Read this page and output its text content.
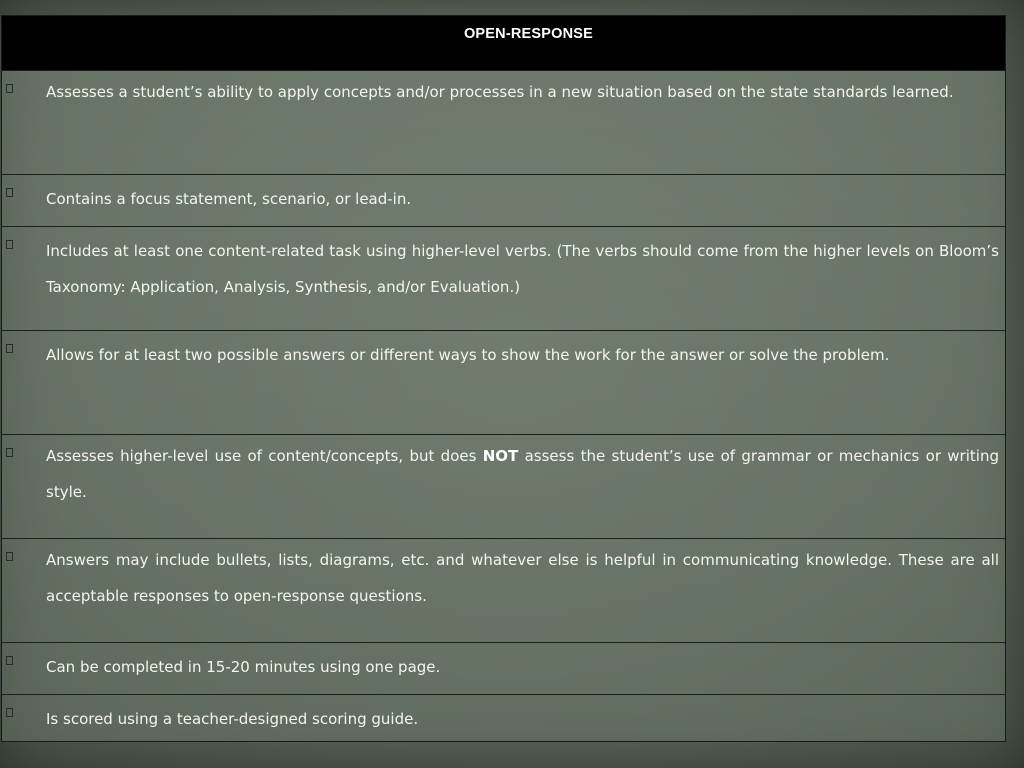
OPEN-RESPONSE
Assesses a student’s ability to apply concepts and/or processes in a new situation based on the state standards learned.
Contains a focus statement, scenario, or lead-in.
Includes at least one content-related task using higher-level verbs. (The verbs should come from the higher levels on Bloom’s Taxonomy: Application, Analysis, Synthesis, and/or Evaluation.)
Allows for at least two possible answers or different ways to show the work for the answer or solve the problem.
Assesses higher-level use of content/concepts, but does NOT assess the student’s use of grammar or mechanics or writing style.
Answers may include bullets, lists, diagrams, etc. and whatever else is helpful in communicating knowledge. These are all acceptable responses to open-response questions.
Can be completed in 15-20 minutes using one page.
Is scored using a teacher-designed scoring guide.
